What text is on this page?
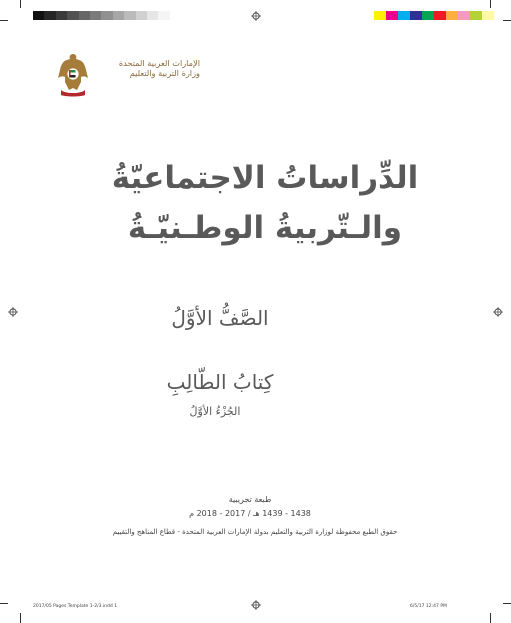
الإمارات العربية المتحدة
وزارة التربية والتعليم
الدِّراساتُ الاجتماعيّةُ
والـتّربيةُ الوطـنيّـةُ
الصَّفُّ الأوَّلُ
كِتابُ الطّالِبِ
الجُزْءُ الأوَّلُ
طبعة تجريبية
1438 - 1439 هـ / 2017 - 2018 م
حقوق الطبع محفوظة لوزارة التربية والتعليم بدولة الإمارات العربية المتحدة - قطاع المناهج والتقييم
2017/05 Pages Template 1-2/3.indd 1	6/5/17 12:47 PM
